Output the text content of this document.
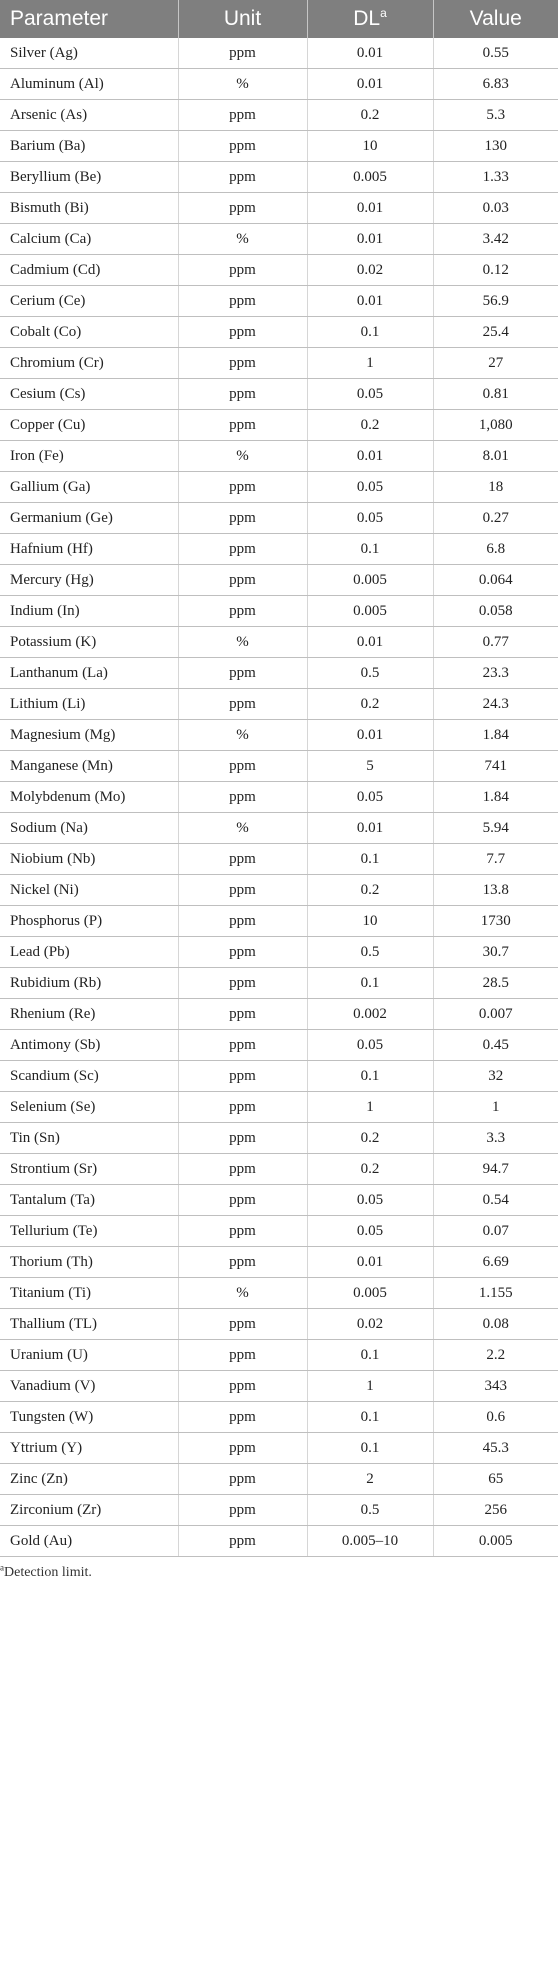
Parameter	Unit	$DL^a$	Value
Silver (Ag)	ppm	0.01	0.55
Aluminum (Al)	%	0.01	6.83
Arsenic (As)	ppm	0.2	5.3
Barium (Ba)	ppm	10	130
Beryllium (Be)	ppm	0.005	1.33
Bismuth (Bi)	ppm	0.01	0.03
Calcium (Ca)	%	0.01	3.42
Cadmium (Cd)	ppm	0.02	0.12
Cerium (Ce)	ppm	0.01	56.9
Cobalt (Co)	ppm	0.1	25.4
Chromium (Cr)	ppm	1	27
Cesium (Cs)	ppm	0.05	0.81
Copper (Cu)	ppm	0.2	1,080
Iron (Fe)	%	0.01	8.01
Gallium (Ga)	ppm	0.05	18
Germanium (Ge)	ppm	0.05	0.27
Hafnium (Hf)	ppm	0.1	6.8
Mercury (Hg)	ppm	0.005	0.064
Indium (In)	ppm	0.005	0.058
Potassium (K)	%	0.01	0.77
Lanthanum (La)	ppm	0.5	23.3
Lithium (Li)	ppm	0.2	24.3
Magnesium (Mg)	%	0.01	1.84
Manganese (Mn)	ppm	5	741
Molybdenum (Mo)	ppm	0.05	1.84
Sodium (Na)	%	0.01	5.94
Niobium (Nb)	ppm	0.1	7.7
Nickel (Ni)	ppm	0.2	13.8
Phosphorus (P)	ppm	10	1730
Lead (Pb)	ppm	0.5	30.7
Rubidium (Rb)	ppm	0.1	28.5
Rhenium (Re)	ppm	0.002	0.007
Antimony (Sb)	ppm	0.05	0.45
Scandium (Sc)	ppm	0.1	32
Selenium (Se)	ppm	1	1
Tin (Sn)	ppm	0.2	3.3
Strontium (Sr)	ppm	0.2	94.7
Tantalum (Ta)	ppm	0.05	0.54
Tellurium (Te)	ppm	0.05	0.07
Thorium (Th)	ppm	0.01	6.69
Titanium (Ti)	%	0.005	1.155
Thallium (TL)	ppm	0.02	0.08
Uranium (U)	ppm	0.1	2.2
Vanadium (V)	ppm	1	343
Tungsten (W)	ppm	0.1	0.6
Yttrium (Y)	ppm	0.1	45.3
Zinc (Zn)	ppm	2	65
Zirconium (Zr)	ppm	0.5	256
Gold (Au)	ppm	0.005–10	0.005

$^a$Detection limit.
